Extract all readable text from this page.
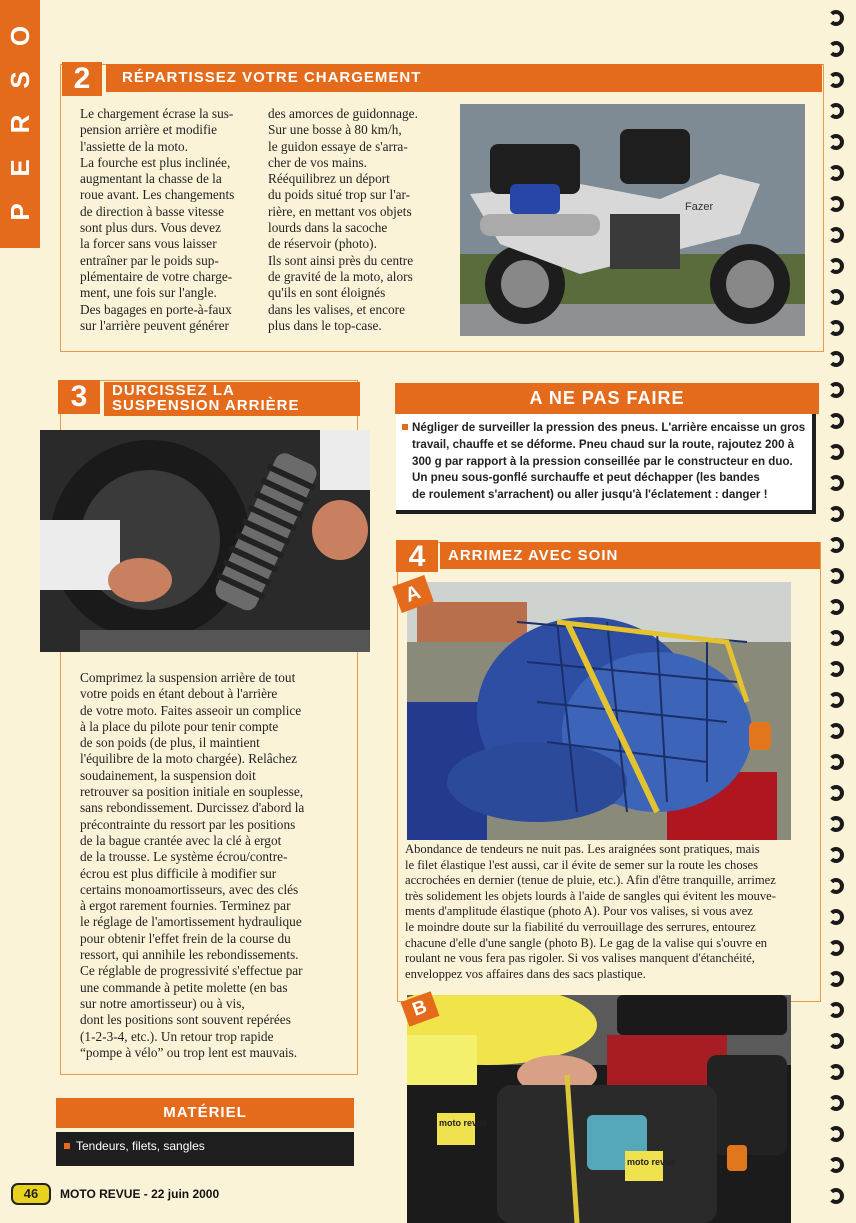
O
S
R
E
P
2	RÉPARTISSEZ VOTRE CHARGEMENT
Le chargement écrase la sus-
pension arrière et modifie
l'assiette de la moto.
La fourche est plus inclinée,
augmentant la chasse de la
roue avant. Les changements
de direction à basse vitesse
sont plus durs. Vous devez
la forcer sans vous laisser
entraîner par le poids sup-
plémentaire de votre charge-
ment, une fois sur l'angle.
Des bagages en porte-à-faux
sur l'arrière peuvent générer
des amorces de guidonnage.
Sur une bosse à 80 km/h,
le guidon essaye de s'arra-
cher de vos mains.
Rééquilibrez un déport
du poids situé trop sur l'ar-
rière, en mettant vos objets
lourds dans la sacoche
de réservoir (photo).
Ils sont ainsi près du centre
de gravité de la moto, alors
qu'ils en sont éloignés
dans les valises, et encore
plus dans le top-case.
Fazer
3	DURCISSEZ LA
SUSPENSION ARRIÈRE
Comprimez la suspension arrière de tout
votre poids en étant debout à l'arrière
de votre moto. Faites asseoir un complice
à la place du pilote pour tenir compte
de son poids (de plus, il maintient
l'équilibre de la moto chargée). Relâchez
soudainement, la suspension doit
retrouver sa position initiale en souplesse,
sans rebondissement. Durcissez d'abord la
précontrainte du ressort par les positions
de la bague crantée avec la clé à ergot
de la trousse. Le système écrou/contre-
écrou est plus difficile à modifier sur
certains monoamortisseurs, avec des clés
à ergot rarement fournies. Terminez par
le réglage de l'amortissement hydraulique
pour obtenir l'effet frein de la course du
ressort, qui annihile les rebondissements.
Ce réglable de progressivité s'effectue par
une commande à petite molette (en bas
sur notre amortisseur) ou à vis,
dont les positions sont souvent repérées
(1-2-3-4, etc.). Un retour trop rapide
“pompe à vélo” ou trop lent est mauvais.
MATÉRIEL
Tendeurs, filets, sangles
A NE PAS FAIRE
Négliger de surveiller la pression des pneus. L'arrière encaisse un gros
travail, chauffe et se déforme. Pneu chaud sur la route, rajoutez 200 à
300 g par rapport à la pression conseillée par le constructeur en duo.
Un pneu sous-gonflé surchauffe et peut déchapper (les bandes
de roulement s'arrachent) ou aller jusqu'à l'éclatement : danger !
4	ARRIMEZ AVEC SOIN
A
Abondance de tendeurs ne nuit pas. Les araignées sont pratiques, mais
le filet élastique l'est aussi, car il évite de semer sur la route les choses
accrochées en dernier (tenue de pluie, etc.). Afin d'être tranquille, arrimez
très solidement les objets lourds à l'aide de sangles qui évitent les mouve-
ments d'amplitude élastique (photo A). Pour vos valises, si vous avez
le moindre doute sur la fiabilité du verrouillage des serrures, entourez
chacune d'elle d'une sangle (photo B). Le gag de la valise qui s'ouvre en
roulant ne vous fera pas rigoler. Si vos valises manquent d'étanchéité,
enveloppez vos affaires dans des sacs plastique.
moto revue
moto revue
B
46	MOTO REVUE - 22 juin 2000
